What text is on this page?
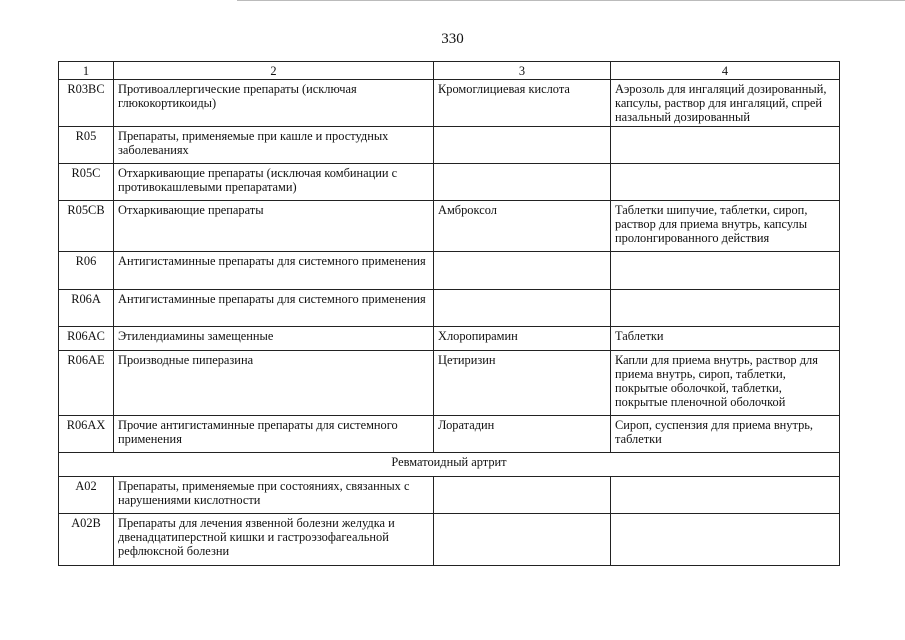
330
1	2	3	4
R03BC	Противоаллергические препараты (исключая глюкокортикоиды)	Кромоглициевая кислота	Аэрозоль для ингаляций дозированный, капсулы, раствор для ингаляций, спрей назальный дозированный
R05	Препараты, применяемые при кашле и простудных заболеваниях		
R05C	Отхаркивающие препараты (исключая комбинации с противокашлевыми препаратами)		
R05CB	Отхаркивающие препараты	Амброксол	Таблетки шипучие, таблетки, сироп, раствор для приема внутрь, капсулы пролонгированного действия
R06	Антигистаминные препараты для системного применения		
R06A	Антигистаминные препараты для системного применения		
R06AC	Этилендиамины замещенные	Хлоропирамин	Таблетки
R06AE	Производные пиперазина	Цетиризин	Капли для приема внутрь, раствор для приема внутрь, сироп, таблетки, покрытые оболочкой, таблетки, покрытые пленочной оболочкой
R06AX	Прочие антигистаминные препараты для системного применения	Лоратадин	Сироп, суспензия для приема внутрь, таблетки
Ревматоидный артрит			
A02	Препараты, применяемые при состояниях, связанных с нарушениями кислотности		
A02B	Препараты для лечения язвенной болезни желудка и двенадцатиперстной кишки и гастроэзофагеальной рефлюксной болезни		
